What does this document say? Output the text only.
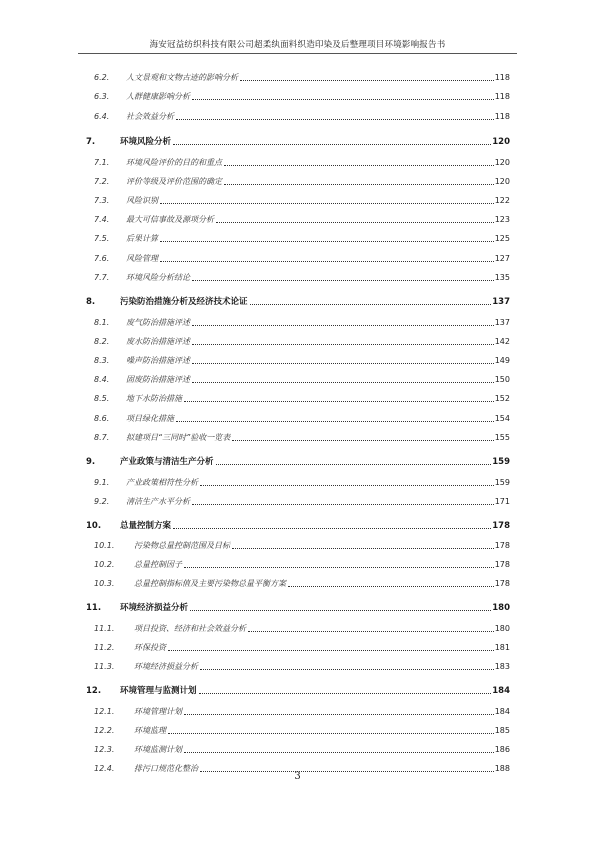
海安冠益纺织科技有限公司超柔纨面料织造印染及后整理项目环境影响报告书
6.2.	人文景观和文物古迹的影响分析	118
6.3.	人群健康影响分析	118
6.4.	社会效益分析	118
7.	环境风险分析	120
7.1.	环境风险评价的目的和重点	120
7.2.	评价等级及评价范围的确定	120
7.3.	风险识别	122
7.4.	最大可信事故及源项分析	123
7.5.	后果计算	125
7.6.	风险管理	127
7.7.	环境风险分析结论	135
8.	污染防治措施分析及经济技术论证	137
8.1.	废气防治措施评述	137
8.2.	废水防治措施评述	142
8.3.	噪声防治措施评述	149
8.4.	固废防治措施评述	150
8.5.	地下水防治措施	152
8.6.	项目绿化措施	154
8.7.	拟建项目“三同时”验收一览表	155
9.	产业政策与清洁生产分析	159
9.1.	产业政策相符性分析	159
9.2.	清洁生产水平分析	171
10.	总量控制方案	178
10.1.	污染物总量控制范围及目标	178
10.2.	总量控制因子	178
10.3.	总量控制指标值及主要污染物总量平衡方案	178
11.	环境经济损益分析	180
11.1.	项目投资、经济和社会效益分析	180
11.2.	环保投资	181
11.3.	环境经济损益分析	183
12.	环境管理与监测计划	184
12.1.	环境管理计划	184
12.2.	环境监理	185
12.3.	环境监测计划	186
12.4.	排污口规范化整治	188
3
